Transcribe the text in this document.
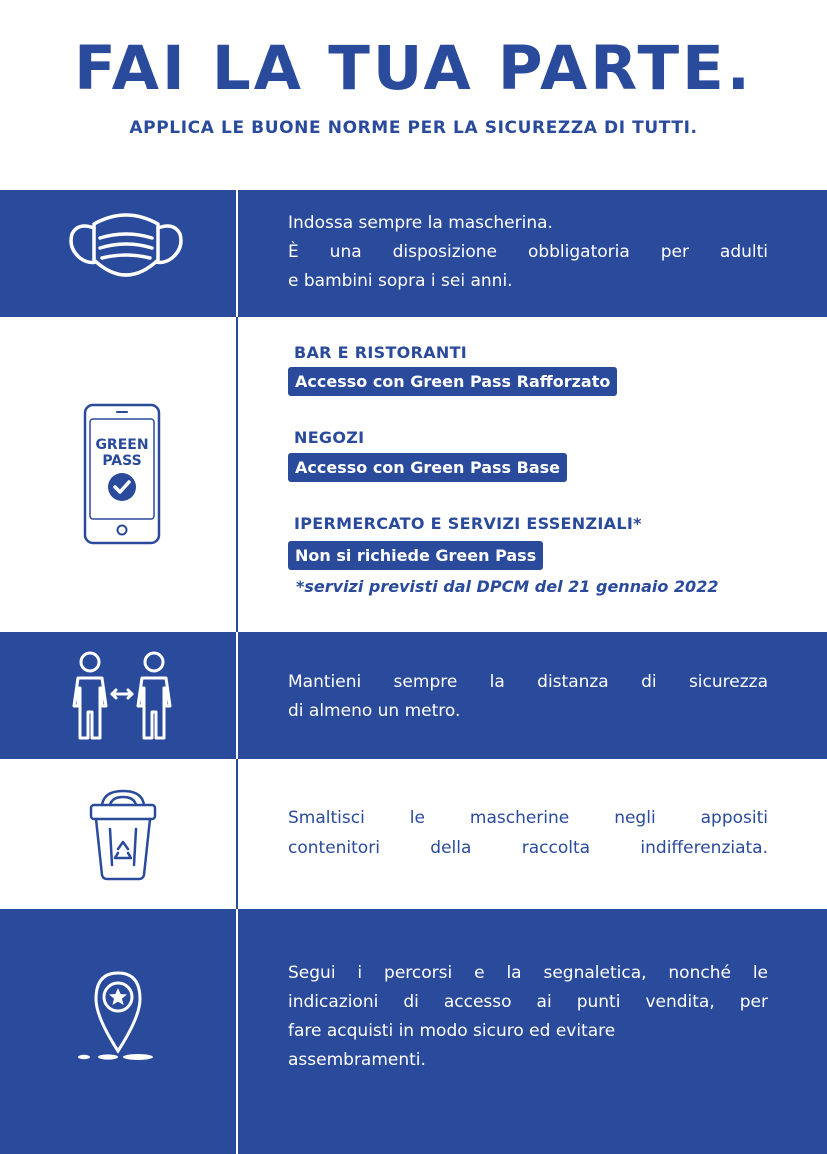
FAI LA TUA PARTE.
APPLICA LE BUONE NORME PER LA SICUREZZA DI TUTTI.
Indossa sempre la mascherina.
È una disposizione obbligatoria per adulti
e bambini sopra i sei anni.
GREEN
PASS
BAR E RISTORANTI
Accesso con Green Pass Rafforzato
NEGOZI
Accesso con Green Pass Base
IPERMERCATO E SERVIZI ESSENZIALI*
Non si richiede Green Pass
*servizi previsti dal DPCM del 21 gennaio 2022
Mantieni sempre la distanza di sicurezza
di almeno un metro.
Smaltisci le mascherine negli appositi
contenitori della raccolta indifferenziata.
Segui i percorsi e la segnaletica, nonché le
indicazioni di accesso ai punti vendita, per
fare acquisti in modo sicuro ed evitare
assembramenti.
